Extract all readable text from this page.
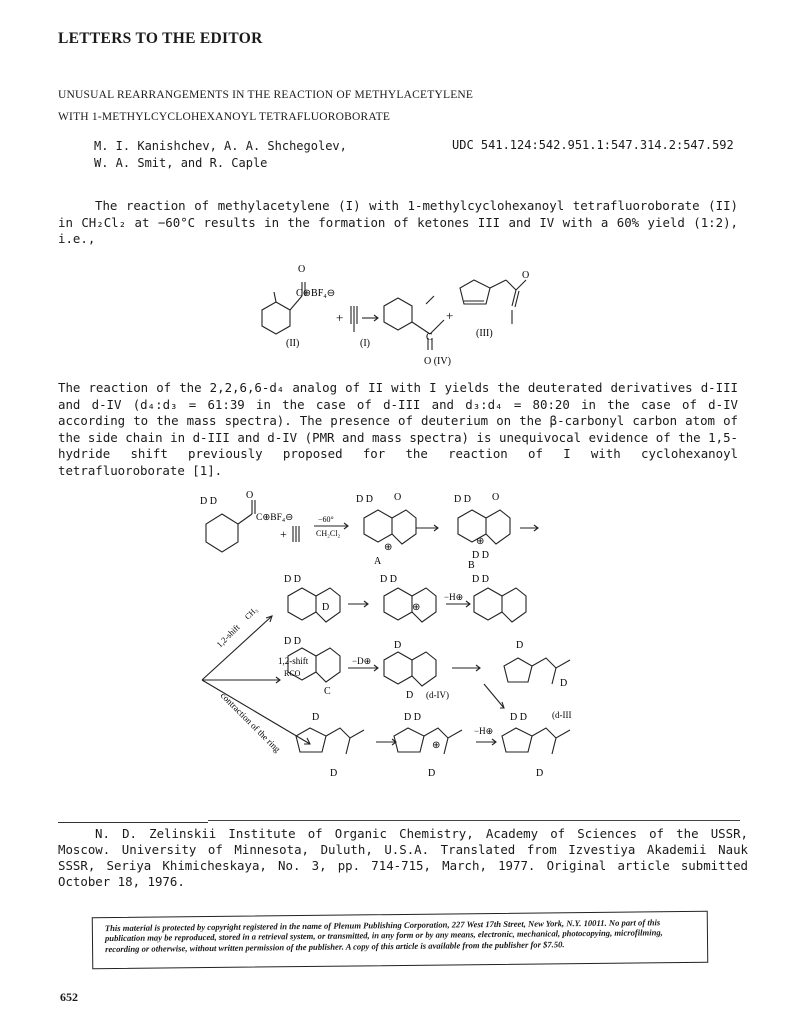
LETTERS TO THE EDITOR
UNUSUAL REARRANGEMENTS IN THE REACTION OF METHYLACETYLENE
WITH 1-METHYLCYCLOHEXANOYL TETRAFLUOROBORATE
M. I. Kanishchev, A. A. Shchegolev,
W. A. Smit, and R. Caple
UDC 541.124:542.951.1:547.314.2:547.592

The reaction of methylacetylene (I) with 1-methylcyclohexanoyl tetrafluoroborate (II) in CH₂Cl₂ at −60°C results in the formation of ketones III and IV with a 60% yield (1:2), i.e.,

O
C⊕BF₄⊖
+	+
(II)	(I)
(III)
C
O (IV)
O

The reaction of the 2,2,6,6-d₄ analog of II with I yields the deuterated derivatives d-III and d-IV (d₄:d₃ = 61:39 in the case of d-III and d₃:d₄ = 80:20 in the case of d-IV according to the mass spectra). The presence of deuterium on the β-carbonyl carbon atom of the side chain in d-III and d-IV (PMR and mass spectra) is unequivocal evidence of the 1,5-hydride shift previously proposed for the reaction of I with cyclohexanoyl tetrafluoroborate [1].

D D
O
C⊕BF₄⊖
+
−60°
CH₂Cl₂
D D O
⊕
A
D D O
⊕
D D
B
D D	D D	D D
D	⊕
−H⊕
1,2-shift
RCO
1,2-shift
CH₃
contraction of the ring
D D
C
−D⊕
D
D (d-IV)
D
D
D	D D
⊕
−H⊕
D D	(d-III
D	D	D

N. D. Zelinskii Institute of Organic Chemistry, Academy of Sciences of the USSR, Moscow. University of Minnesota, Duluth, U.S.A. Translated from Izvestiya Akademii Nauk SSSR, Seriya Khimicheskaya, No. 3, pp. 714-715, March, 1977. Original article submitted October 18, 1976.

This material is protected by copyright registered in the name of Plenum Publishing Corporation, 227 West 17th Street, New York, N.Y. 10011. No part of this publication may be reproduced, stored in a retrieval system, or transmitted, in any form or by any means, electronic, mechanical, photocopying, microfilming, recording or otherwise, without written permission of the publisher. A copy of this article is available from the publisher for $7.50.
652
